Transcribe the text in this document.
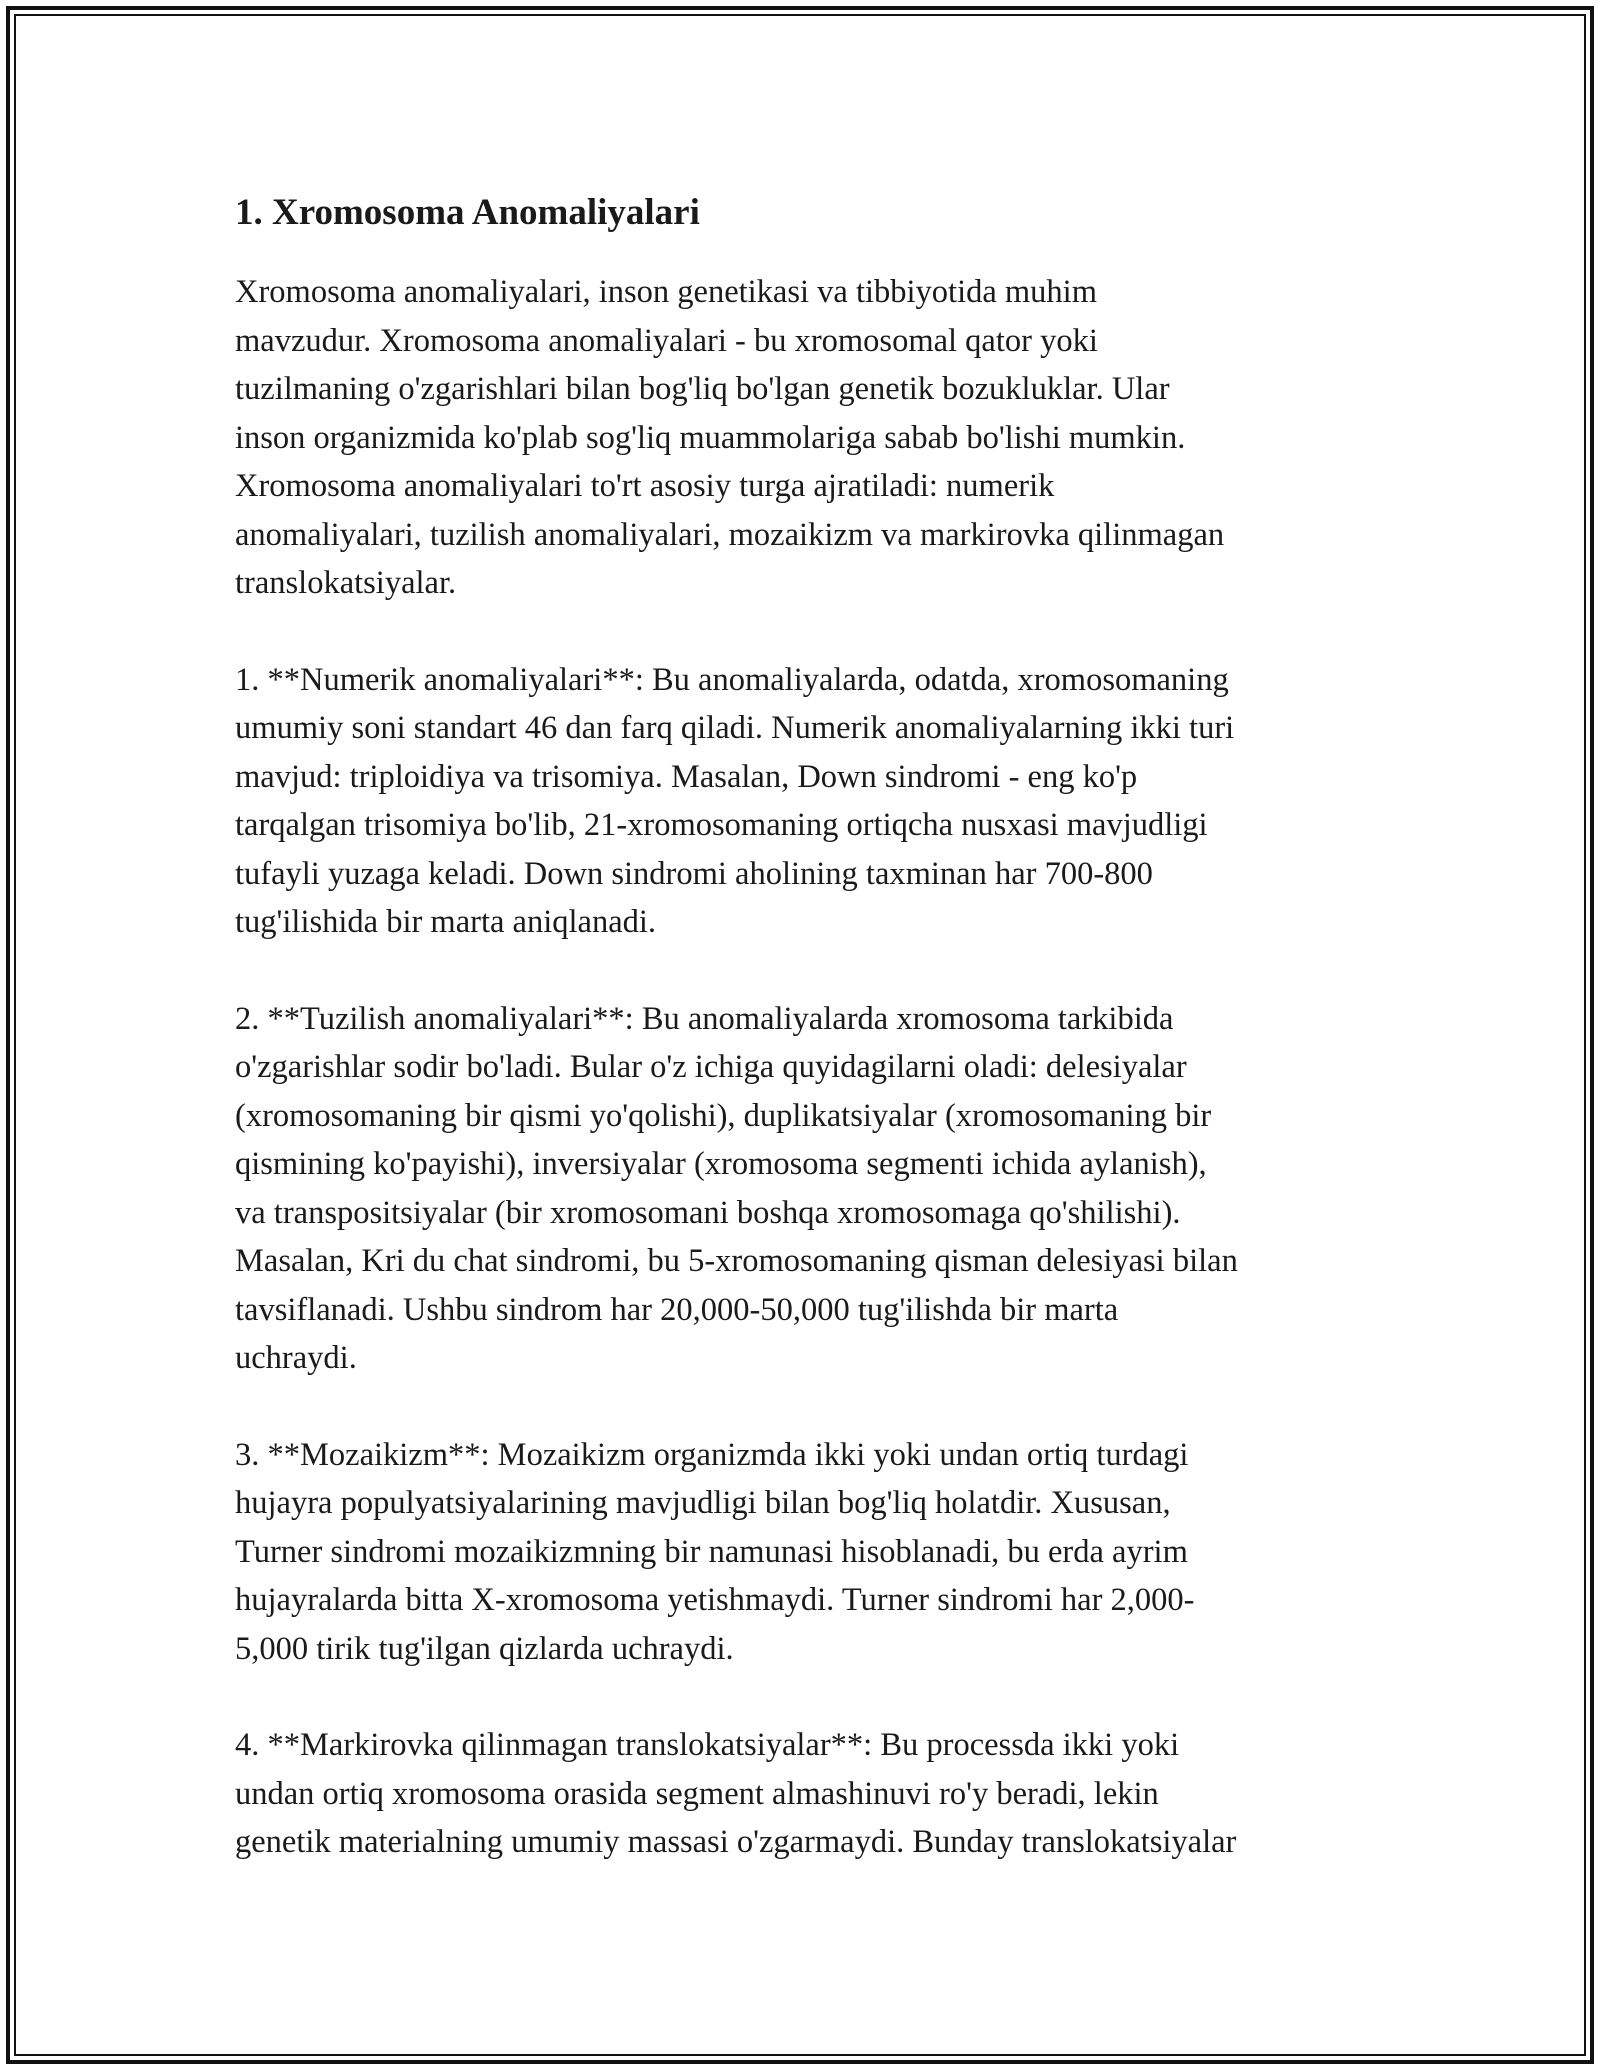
1. Xromosoma Anomaliyalari

Xromosoma anomaliyalari, inson genetikasi va tibbiyotida muhim
mavzudur. Xromosoma anomaliyalari - bu xromosomal qator yoki
tuzilmaning o'zgarishlari bilan bog'liq bo'lgan genetik bozukluklar. Ular
inson organizmida ko'plab sog'liq muammolariga sabab bo'lishi mumkin.
Xromosoma anomaliyalari to'rt asosiy turga ajratiladi: numerik
anomaliyalari, tuzilish anomaliyalari, mozaikizm va markirovka qilinmagan
translokatsiyalar.

1. **Numerik anomaliyalari**: Bu anomaliyalarda, odatda, xromosomaning
umumiy soni standart 46 dan farq qiladi. Numerik anomaliyalarning ikki turi
mavjud: triploidiya va trisomiya. Masalan, Down sindromi - eng ko'p
tarqalgan trisomiya bo'lib, 21-xromosomaning ortiqcha nusxasi mavjudligi
tufayli yuzaga keladi. Down sindromi aholining taxminan har 700-800
tug'ilishida bir marta aniqlanadi.

2. **Tuzilish anomaliyalari**: Bu anomaliyalarda xromosoma tarkibida
o'zgarishlar sodir bo'ladi. Bular o'z ichiga quyidagilarni oladi: delesiyalar
(xromosomaning bir qismi yo'qolishi), duplikatsiyalar (xromosomaning bir
qismining ko'payishi), inversiyalar (xromosoma segmenti ichida aylanish),
va transpositsiyalar (bir xromosomani boshqa xromosomaga qo'shilishi).
Masalan, Kri du chat sindromi, bu 5-xromosomaning qisman delesiyasi bilan
tavsiflanadi. Ushbu sindrom har 20,000-50,000 tug'ilishda bir marta
uchraydi.

3. **Mozaikizm**: Mozaikizm organizmda ikki yoki undan ortiq turdagi
hujayra populyatsiyalarining mavjudligi bilan bog'liq holatdir. Xususan,
Turner sindromi mozaikizmning bir namunasi hisoblanadi, bu erda ayrim
hujayralarda bitta X-xromosoma yetishmaydi. Turner sindromi har 2,000-
5,000 tirik tug'ilgan qizlarda uchraydi.

4. **Markirovka qilinmagan translokatsiyalar**: Bu processda ikki yoki
undan ortiq xromosoma orasida segment almashinuvi ro'y beradi, lekin
genetik materialning umumiy massasi o'zgarmaydi. Bunday translokatsiyalar
